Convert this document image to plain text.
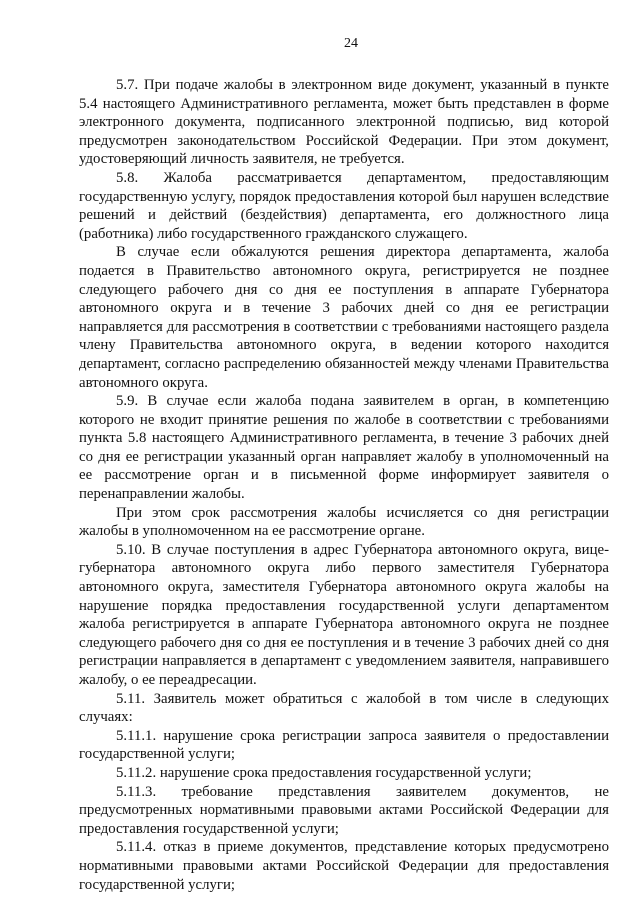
24

5.7. При подаче жалобы в электронном виде документ, указанный в пункте 5.4 настоящего Административного регламента, может быть представлен в форме электронного документа, подписанного электронной подписью, вид которой предусмотрен законодательством Российской Федерации. При этом документ, удостоверяющий личность заявителя, не требуется.

5.8. Жалоба рассматривается департаментом, предоставляющим государственную услугу, порядок предоставления которой был нарушен вследствие решений и действий (бездействия) департамента, его должностного лица (работника) либо государственного гражданского служащего.

В случае если обжалуются решения директора департамента, жалоба подается в Правительство автономного округа, регистрируется не позднее следующего рабочего дня со дня ее поступления в аппарате Губернатора автономного округа и в течение 3 рабочих дней со дня ее регистрации направляется для рассмотрения в соответствии с требованиями настоящего раздела члену Правительства автономного округа, в ведении которого находится департамент, согласно распределению обязанностей между членами Правительства автономного округа.

5.9. В случае если жалоба подана заявителем в орган, в компетенцию которого не входит принятие решения по жалобе в соответствии с требованиями пункта 5.8 настоящего Административного регламента, в течение 3 рабочих дней со дня ее регистрации указанный орган направляет жалобу в уполномоченный на ее рассмотрение орган и в письменной форме информирует заявителя о перенаправлении жалобы.

При этом срок рассмотрения жалобы исчисляется со дня регистрации жалобы в уполномоченном на ее рассмотрение органе.

5.10. В случае поступления в адрес Губернатора автономного округа, вице-губернатора автономного округа либо первого заместителя Губернатора автономного округа, заместителя Губернатора автономного округа жалобы на нарушение порядка предоставления государственной услуги департаментом жалоба регистрируется в аппарате Губернатора автономного округа не позднее следующего рабочего дня со дня ее поступления и в течение 3 рабочих дней со дня регистрации направляется в департамент с уведомлением заявителя, направившего жалобу, о ее переадресации.

5.11. Заявитель может обратиться с жалобой в том числе в следующих случаях:

5.11.1. нарушение срока регистрации запроса заявителя о предоставлении государственной услуги;

5.11.2. нарушение срока предоставления государственной услуги;

5.11.3. требование представления заявителем документов, не предусмотренных нормативными правовыми актами Российской Федерации для предоставления государственной услуги;

5.11.4. отказ в приеме документов, представление которых предусмотрено нормативными правовыми актами Российской Федерации для предоставления государственной услуги;
